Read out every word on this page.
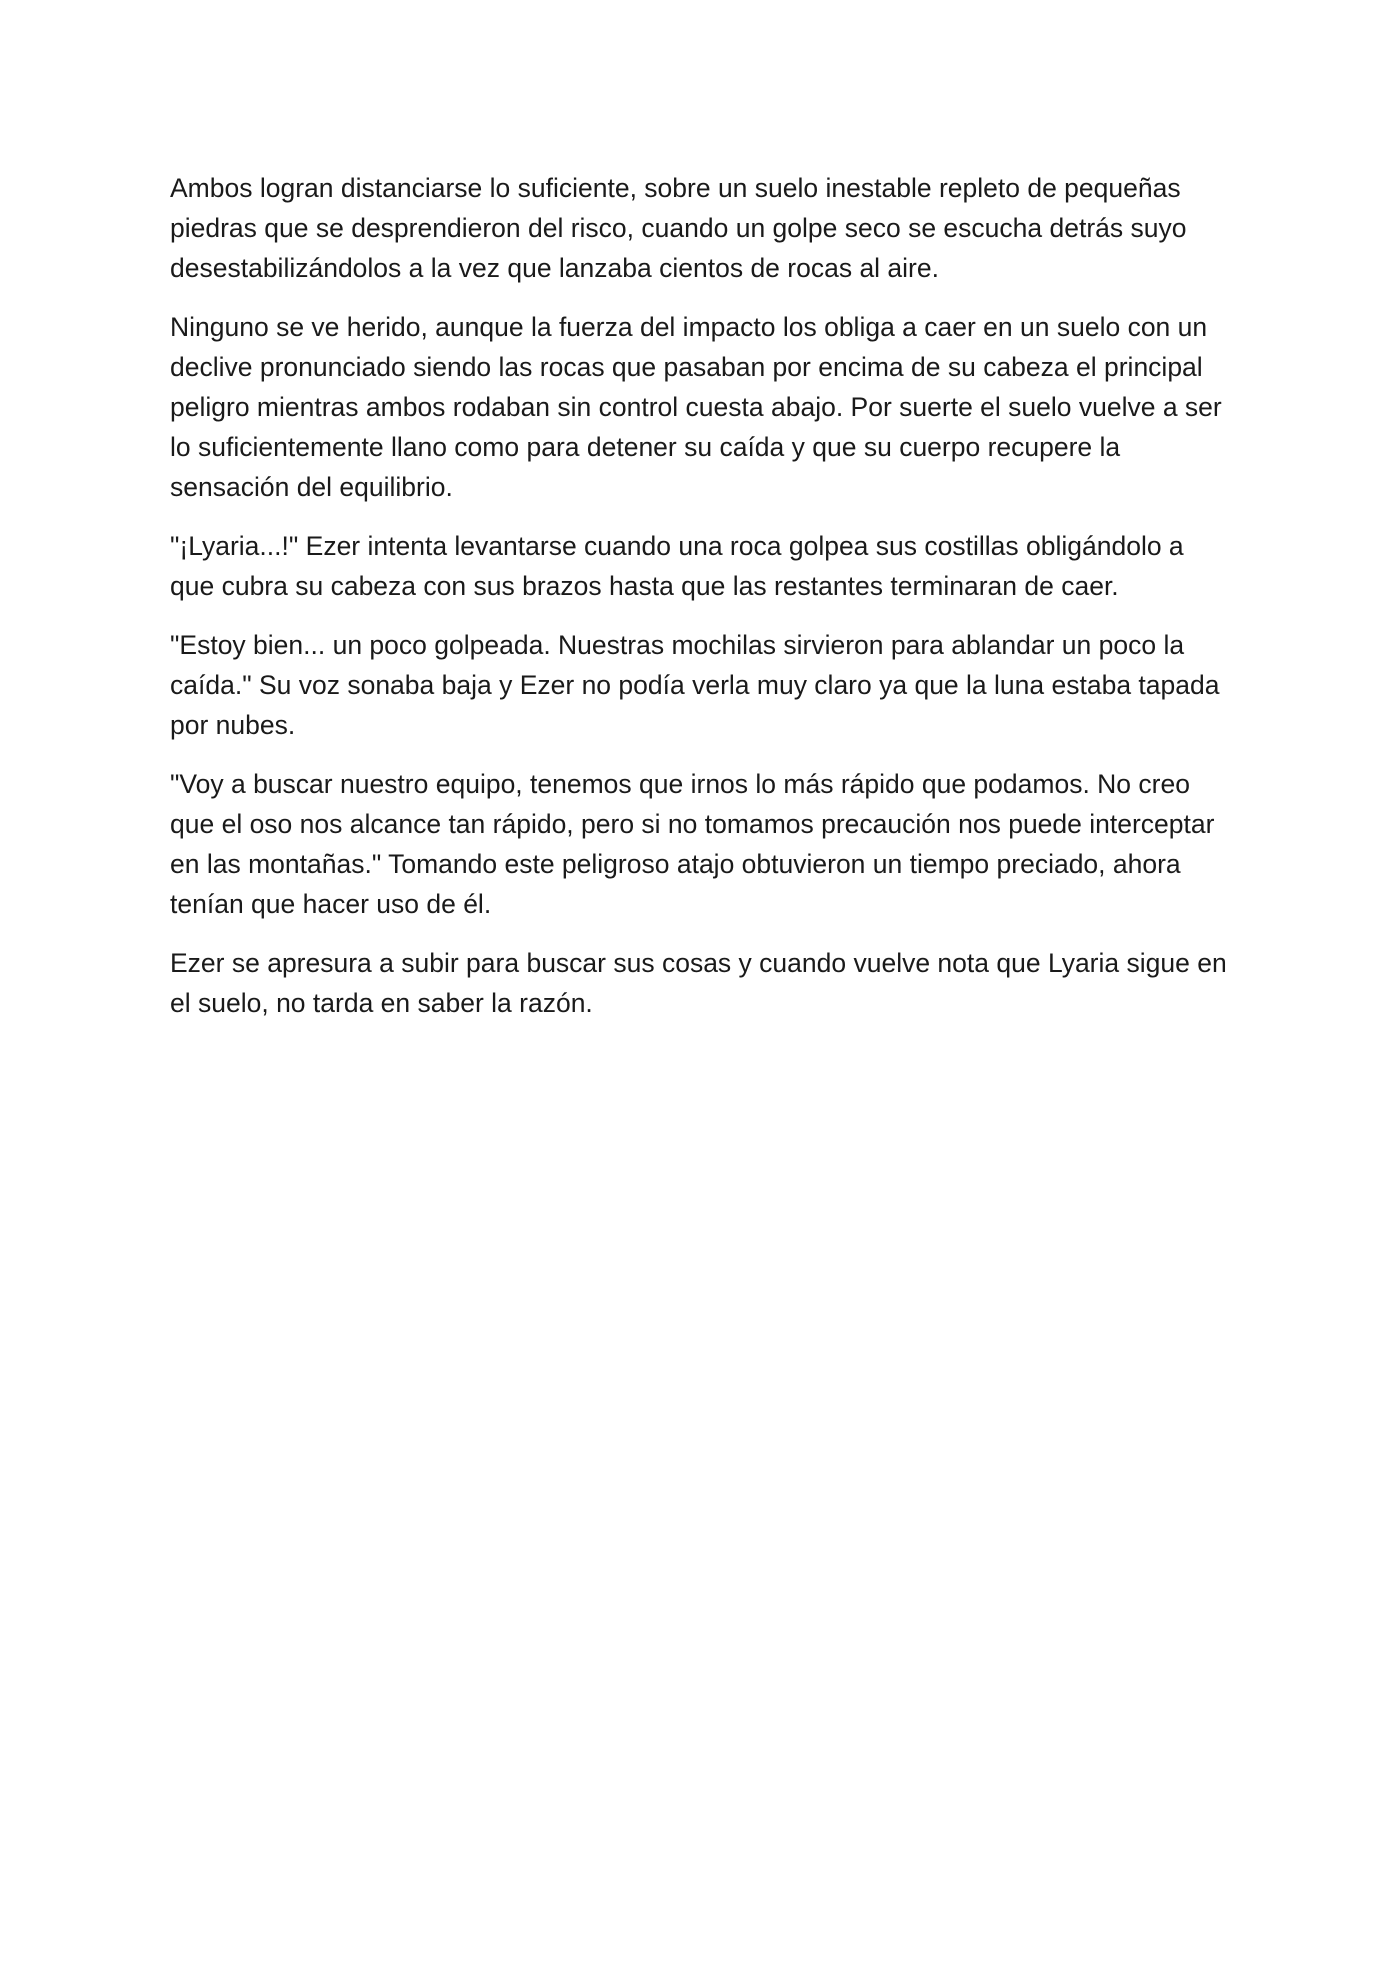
Ambos logran distanciarse lo suficiente, sobre un suelo inestable repleto de pequeñas piedras que se desprendieron del risco, cuando un golpe seco se escucha detrás suyo desestabilizándolos a la vez que lanzaba cientos de rocas al aire.

Ninguno se ve herido, aunque la fuerza del impacto los obliga a caer en un suelo con un declive pronunciado siendo las rocas que pasaban por encima de su cabeza el principal peligro mientras ambos rodaban sin control cuesta abajo. Por suerte el suelo vuelve a ser lo suficientemente llano como para detener su caída y que su cuerpo recupere la sensación del equilibrio.

"¡Lyaria...!" Ezer intenta levantarse cuando una roca golpea sus costillas obligándolo a que cubra su cabeza con sus brazos hasta que las restantes terminaran de caer.

"Estoy bien... un poco golpeada. Nuestras mochilas sirvieron para ablandar un poco la caída." Su voz sonaba baja y Ezer no podía verla muy claro ya que la luna estaba tapada por nubes.

"Voy a buscar nuestro equipo, tenemos que irnos lo más rápido que podamos. No creo que el oso nos alcance tan rápido, pero si no tomamos precaución nos puede interceptar en las montañas." Tomando este peligroso atajo obtuvieron un tiempo preciado, ahora tenían que hacer uso de él.

Ezer se apresura a subir para buscar sus cosas y cuando vuelve nota que Lyaria sigue en el suelo, no tarda en saber la razón.
